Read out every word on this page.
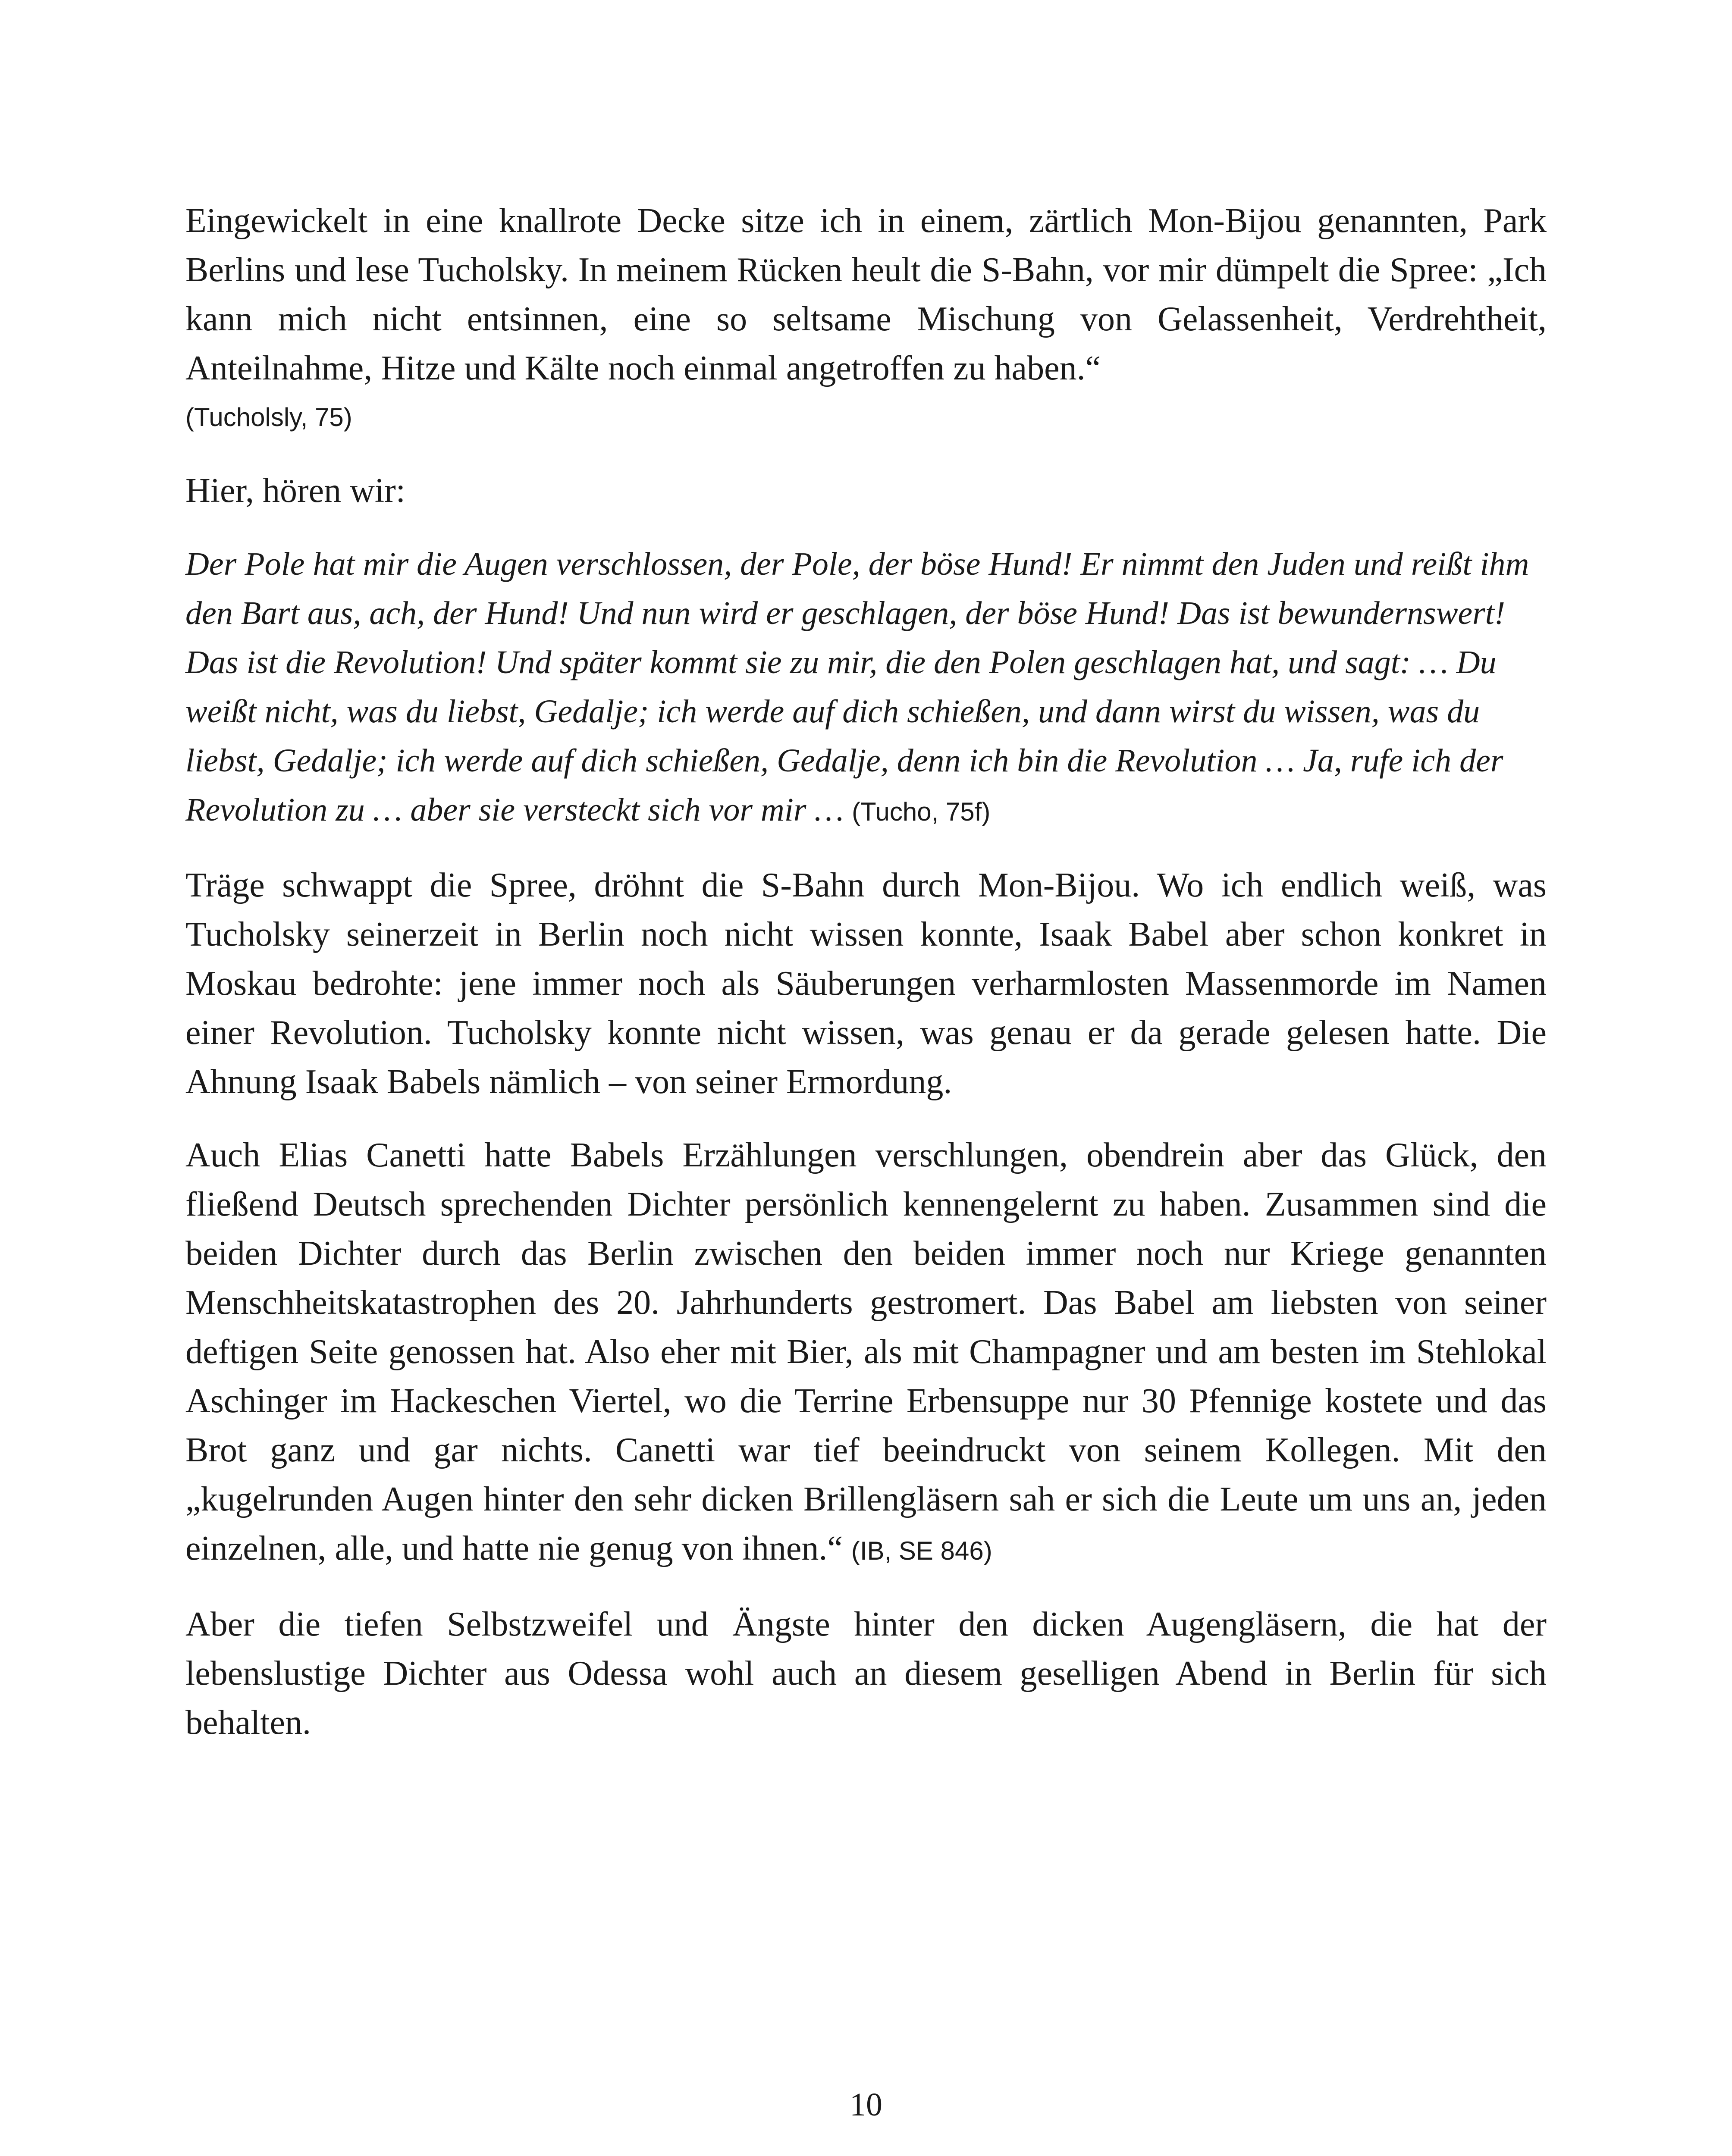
Eingewickelt in eine knallrote Decke sitze ich in einem, zärtlich Mon-Bijou genannten, Park Berlins und lese Tucholsky. In meinem Rücken heult die S-Bahn, vor mir dümpelt die Spree: „Ich kann mich nicht entsinnen, eine so seltsame Mischung von Gelassenheit, Verdrehtheit, Anteilnahme, Hitze und Kälte noch einmal angetroffen zu haben.“
(Tucholsly, 75)

Hier, hören wir:

Der Pole hat mir die Augen verschlossen, der Pole, der böse Hund! Er nimmt den Juden und reißt ihm den Bart aus, ach, der Hund! Und nun wird er geschlagen, der böse Hund! Das ist bewundernswert! Das ist die Revolution! Und später kommt sie zu mir, die den Polen geschlagen hat, und sagt: … Du weißt nicht, was du liebst, Gedalje; ich werde auf dich schießen, und dann wirst du wissen, was du liebst, Gedalje; ich werde auf dich schießen, Gedalje, denn ich bin die Revolution … Ja, rufe ich der Revolution zu … aber sie versteckt sich vor mir … (Tucho, 75f)

Träge schwappt die Spree, dröhnt die S-Bahn durch Mon-Bijou. Wo ich endlich weiß, was Tucholsky seinerzeit in Berlin noch nicht wissen konnte, Isaak Babel aber schon konkret in Moskau bedrohte: jene immer noch als Säuberungen verharmlosten Massenmorde im Namen einer Revolution. Tucholsky konnte nicht wissen, was genau er da gerade gelesen hatte. Die Ahnung Isaak Babels nämlich – von seiner Ermordung.

Auch Elias Canetti hatte Babels Erzählungen verschlungen, obendrein aber das Glück, den fließend Deutsch sprechenden Dichter persönlich kennengelernt zu haben. Zusammen sind die beiden Dichter durch das Berlin zwischen den beiden immer noch nur Kriege genannten Menschheitskatastrophen des 20. Jahrhunderts gestromert. Das Babel am liebsten von seiner deftigen Seite genossen hat. Also eher mit Bier, als mit Champagner und am besten im Stehlokal Aschinger im Hackeschen Viertel, wo die Terrine Erbensuppe nur 30 Pfennige kostete und das Brot ganz und gar nichts. Canetti war tief beeindruckt von seinem Kollegen. Mit den „kugelrunden Augen hinter den sehr dicken Brillengläsern sah er sich die Leute um uns an, jeden einzelnen, alle, und hatte nie genug von ihnen.“ (IB, SE 846)

Aber die tiefen Selbstzweifel und Ängste hinter den dicken Augengläsern, die hat der lebenslustige Dichter aus Odessa wohl auch an diesem geselligen Abend in Berlin für sich behalten.

10
